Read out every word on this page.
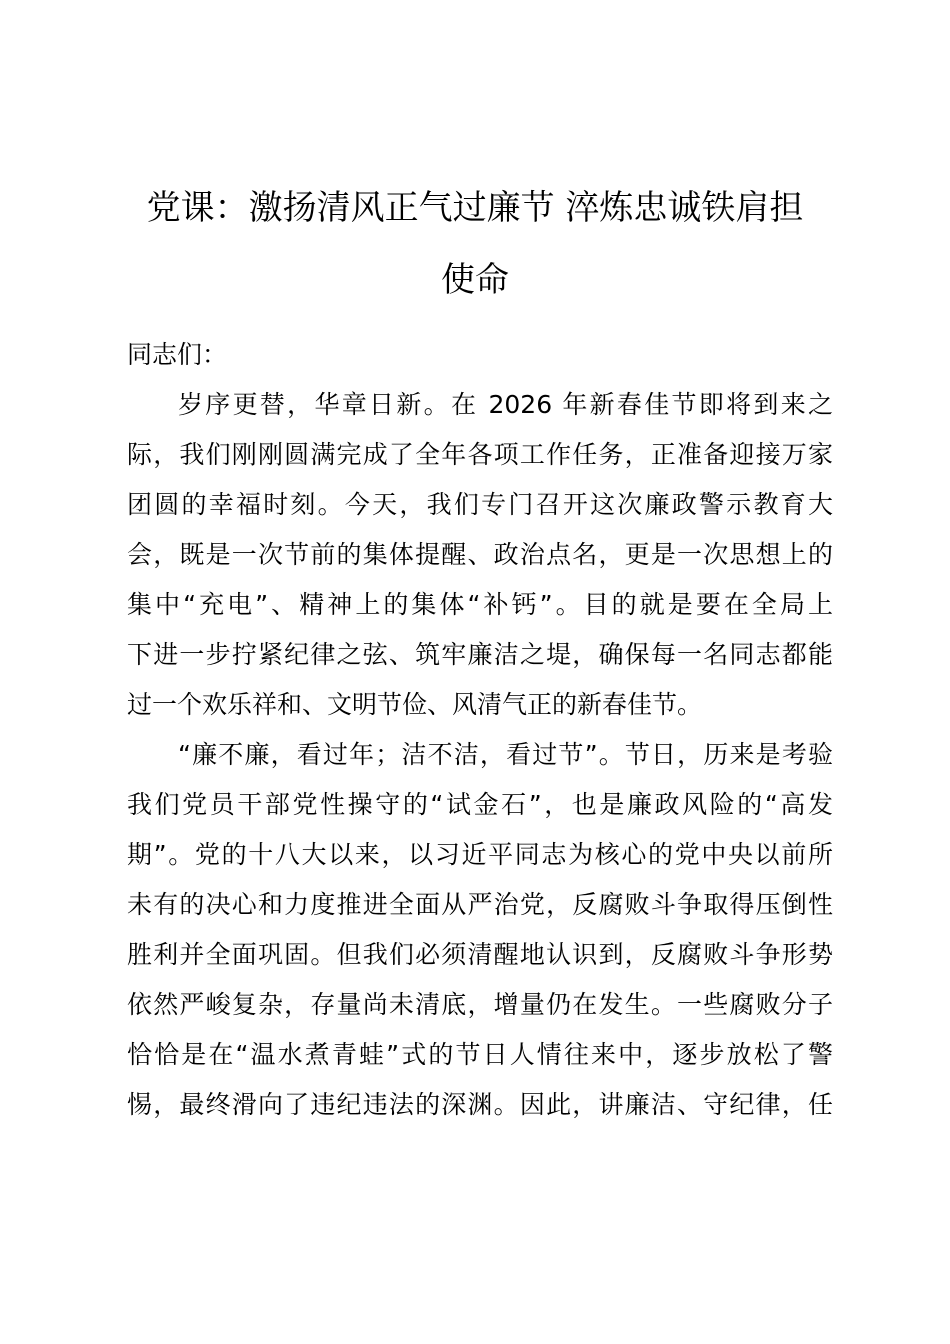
党课：激扬清风正气过廉节 淬炼忠诚铁肩担
使命
同志们：
岁序更替，华章日新。在 2026 年新春佳节即将到来之
际，我们刚刚圆满完成了全年各项工作任务，正准备迎接万家
团圆的幸福时刻。今天，我们专门召开这次廉政警示教育大
会，既是一次节前的集体提醒、政治点名，更是一次思想上的
集中“充电”、精神上的集体“补钙”。目的就是要在全局上
下进一步拧紧纪律之弦、筑牢廉洁之堤，确保每一名同志都能
过一个欢乐祥和、文明节俭、风清气正的新春佳节。
“廉不廉，看过年；洁不洁，看过节”。节日，历来是考验
我们党员干部党性操守的“试金石”，也是廉政风险的“高发
期”。党的十八大以来，以习近平同志为核心的党中央以前所
未有的决心和力度推进全面从严治党，反腐败斗争取得压倒性
胜利并全面巩固。但我们必须清醒地认识到，反腐败斗争形势
依然严峻复杂，存量尚未清底，增量仍在发生。一些腐败分子
恰恰是在“温水煮青蛙”式的节日人情往来中，逐步放松了警
惕，最终滑向了违纪违法的深渊。因此，讲廉洁、守纪律，任
